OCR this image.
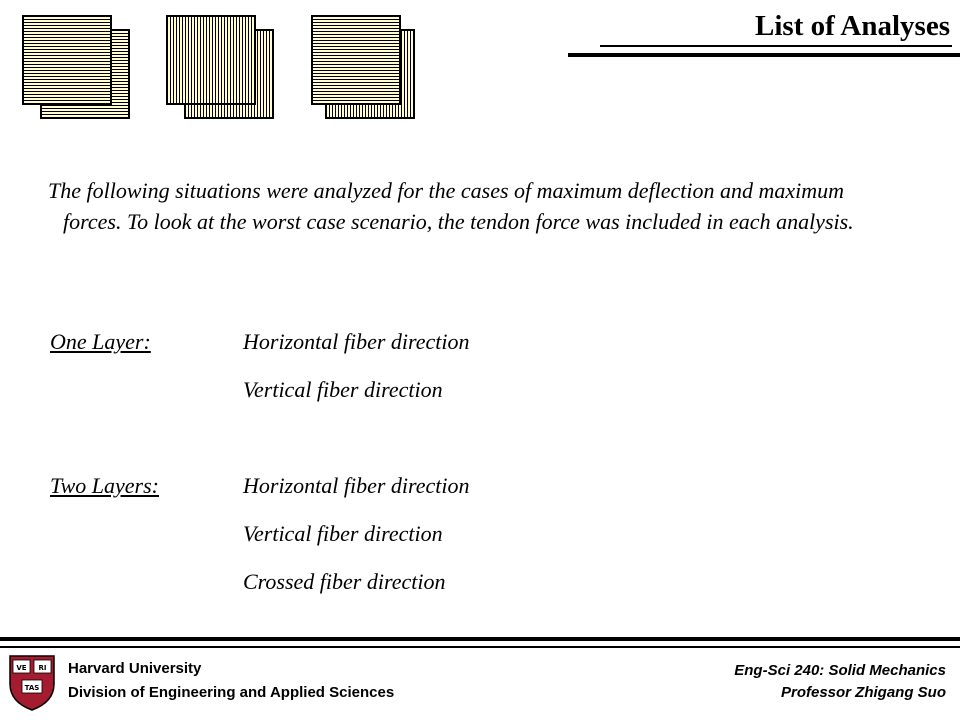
List of Analyses
The following situations were analyzed for the cases of maximum deflection and maximum forces. To look at the worst case scenario, the tendon force was included in each analysis.
One Layer:	Horizontal fiber direction
Vertical fiber direction
Two Layers:	Horizontal fiber direction
Vertical fiber direction
Crossed fiber direction
VE RI
TAS
Harvard University
Division of Engineering and Applied Sciences
Eng-Sci 240: Solid Mechanics
Professor Zhigang Suo
